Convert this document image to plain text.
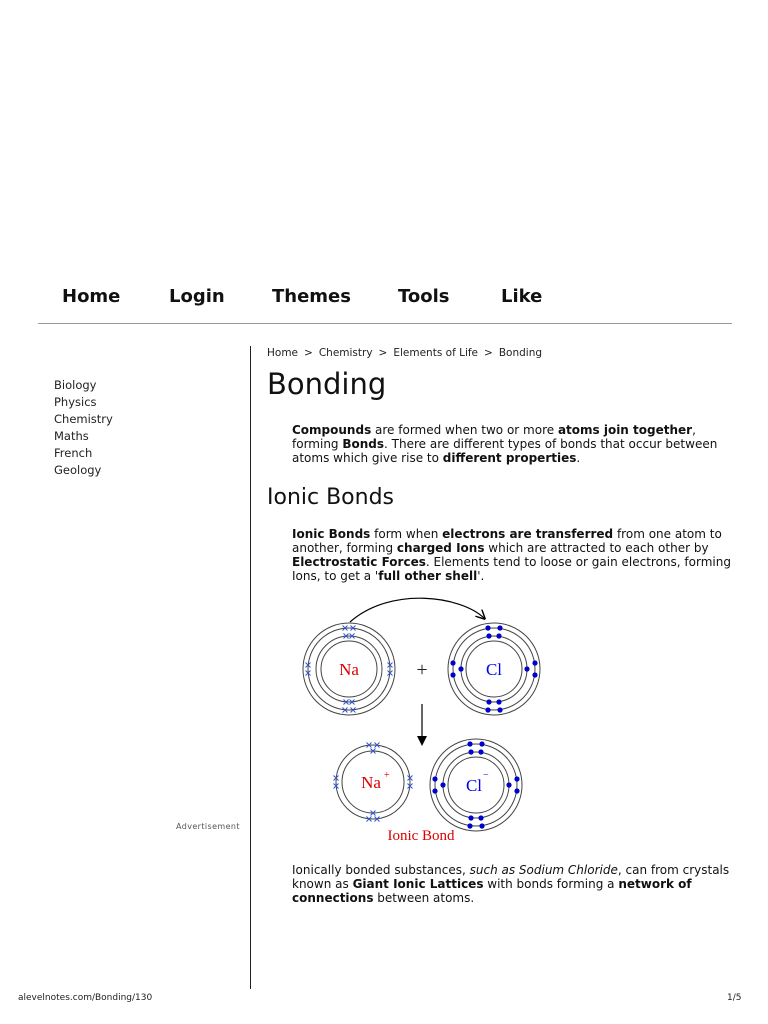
Home	Login	Themes	Tools	Like
Biology
Physics
Chemistry
Maths
French
Geology
Advertisement
Home > Chemistry > Elements of Life > Bonding
Bonding

Compounds are formed when two or more atoms join together, forming Bonds. There are different types of bonds that occur between atoms which give rise to different properties.

Ionic Bonds

Ionic Bonds form when electrons are transferred from one atom to another, forming charged Ions which are attracted to each other by Electrostatic Forces. Elements tend to loose or gain electrons, forming Ions, to get a 'full other shell'.

Na	+	Cl
Na +
Cl
−
Ionic Bond

Ionically bonded substances, such as Sodium Chloride, can from crystals known as Giant Ionic Lattices with bonds forming a network of connections between atoms.

alevelnotes.com/Bonding/130	1/5
